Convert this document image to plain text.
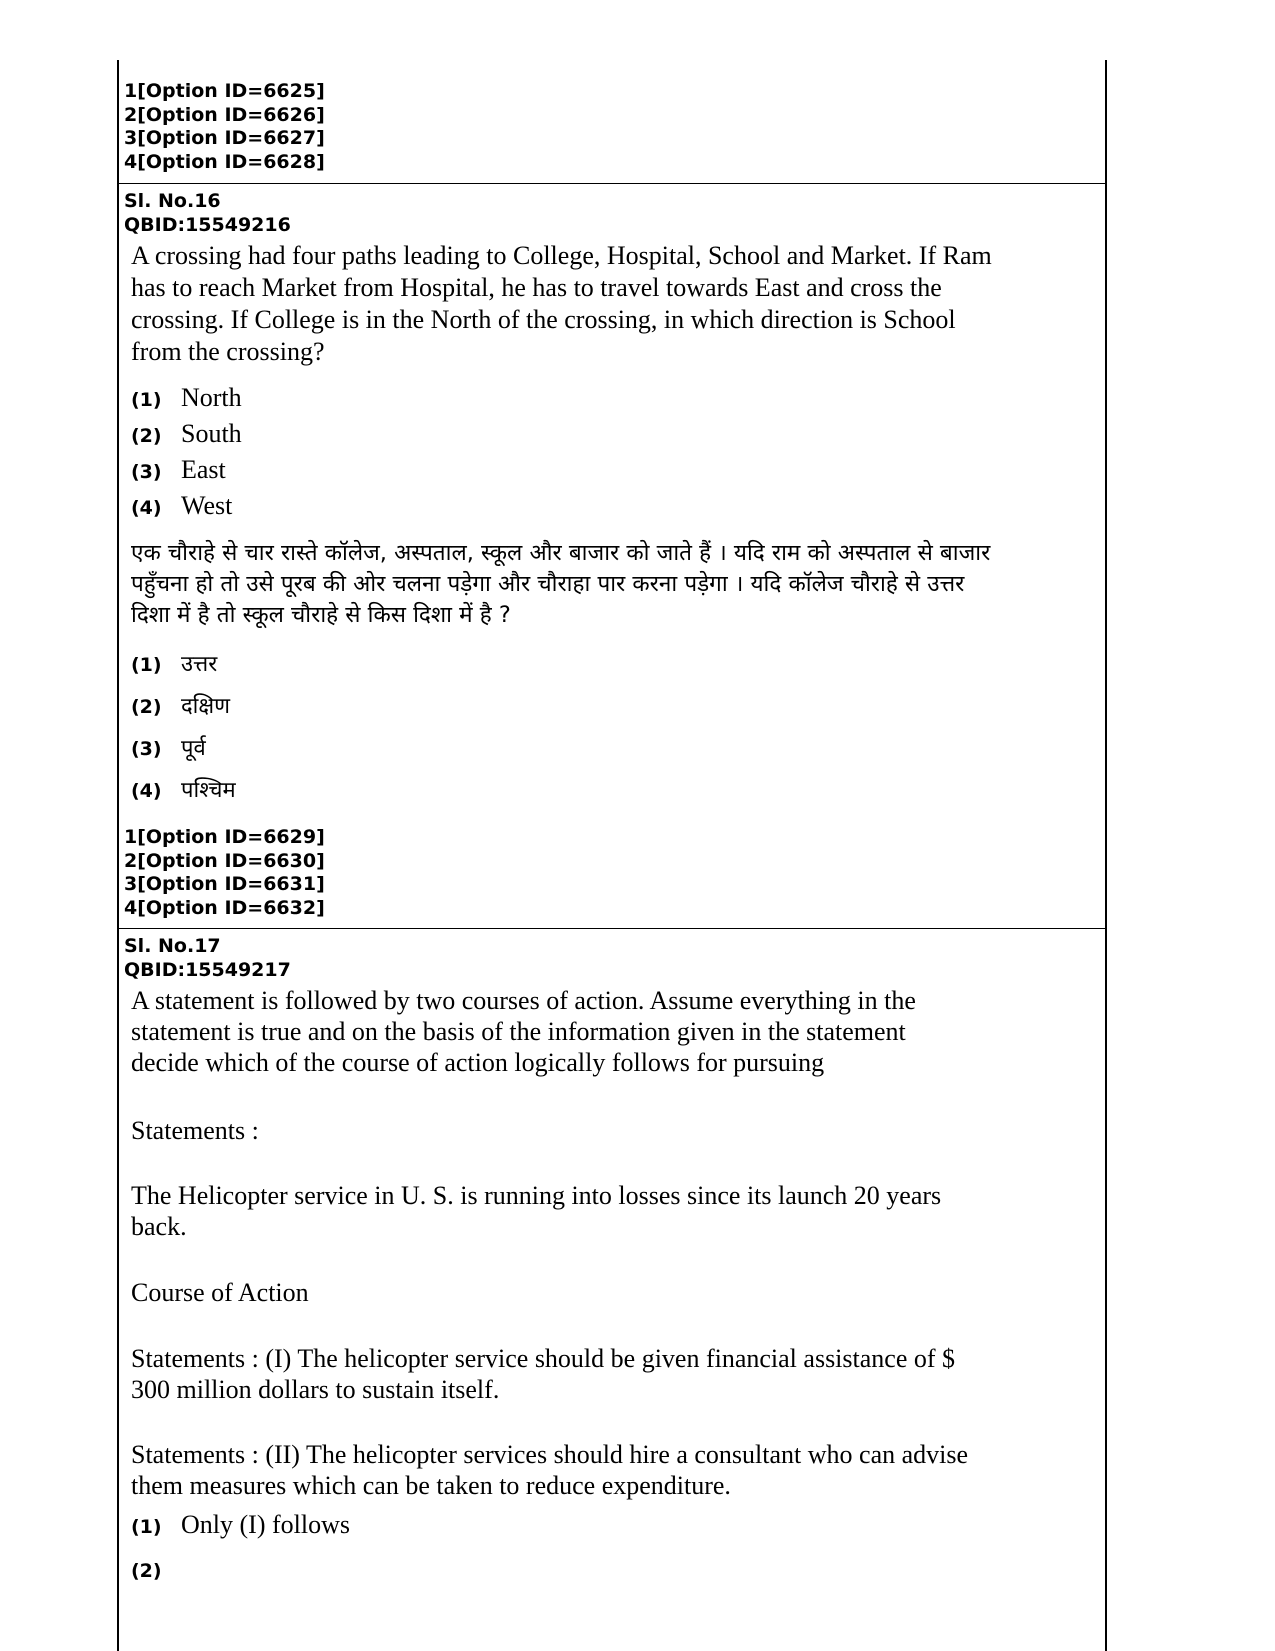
1[Option ID=6625]
2[Option ID=6626]
3[Option ID=6627]
4[Option ID=6628]
Sl. No.16
QBID:15549216
A crossing had four paths leading to College, Hospital, School and Market. If Ram
has to reach Market from Hospital, he has to travel towards East and cross the
crossing. If College is in the North of the crossing, in which direction is School
from the crossing?
(1) North
(2) South
(3) East
(4) West
एक चौराहे से चार रास्ते कॉलेज, अस्पताल, स्कूल और बाजार को जाते हैं । यदि राम को अस्पताल से बाजार
पहुँचना हो तो उसे पूरब की ओर चलना पड़ेगा और चौराहा पार करना पड़ेगा । यदि कॉलेज चौराहे से उत्तर
दिशा में है तो स्कूल चौराहे से किस दिशा में है ?
(1) उत्तर
(2) दक्षिण
(3) पूर्व
(4) पश्चिम
1[Option ID=6629]
2[Option ID=6630]
3[Option ID=6631]
4[Option ID=6632]
Sl. No.17
QBID:15549217
A statement is followed by two courses of action. Assume everything in the
statement is true and on the basis of the information given in the statement
decide which of the course of action logically follows for pursuing
Statements :
The Helicopter service in U. S. is running into losses since its launch 20 years
back.
Course of Action
Statements : (I) The helicopter service should be given financial assistance of $
300 million dollars to sustain itself.
Statements : (II) The helicopter services should hire a consultant who can advise
them measures which can be taken to reduce expenditure.
(1) Only (I) follows
(2)
